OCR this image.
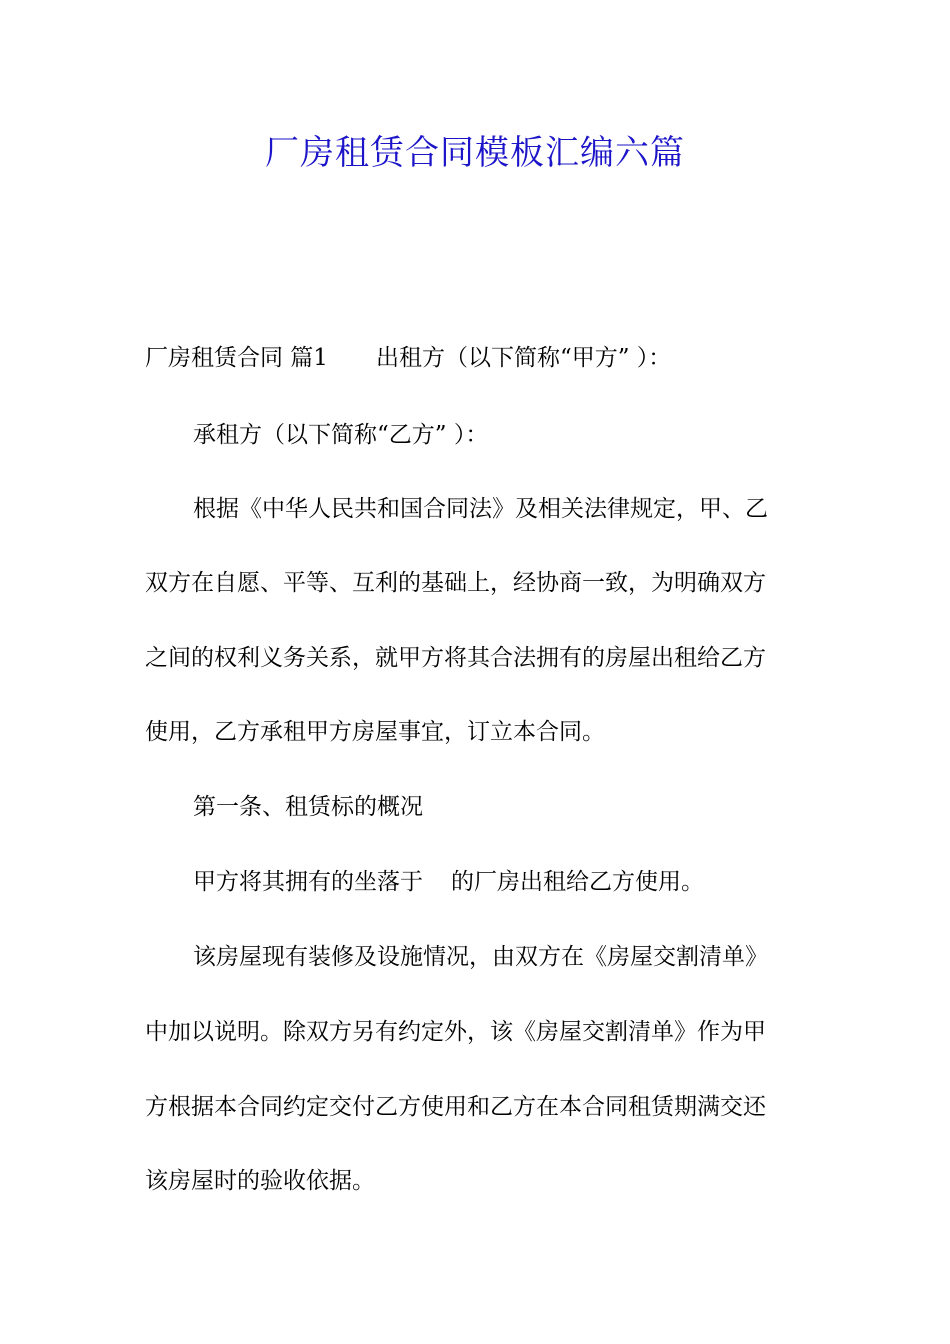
厂房租赁合同模板汇编六篇
厂房租赁合同 篇1 出租方（以下简称“甲方” ）：
承租方（以下简称“乙方” ）：
根据《中华人民共和国合同法》及相关法律规定，甲、乙
双方在自愿、平等、互利的基础上，经协商一致，为明确双方
之间的权利义务关系，就甲方将其合法拥有的房屋出租给乙方
使用，乙方承租甲方房屋事宜，订立本合同。
第一条、租赁标的概况
甲方将其拥有的坐落于 的厂房出租给乙方使用。
该房屋现有装修及设施情况，由双方在《房屋交割清单》
中加以说明。除双方另有约定外，该《房屋交割清单》作为甲
方根据本合同约定交付乙方使用和乙方在本合同租赁期满交还
该房屋时的验收依据。
